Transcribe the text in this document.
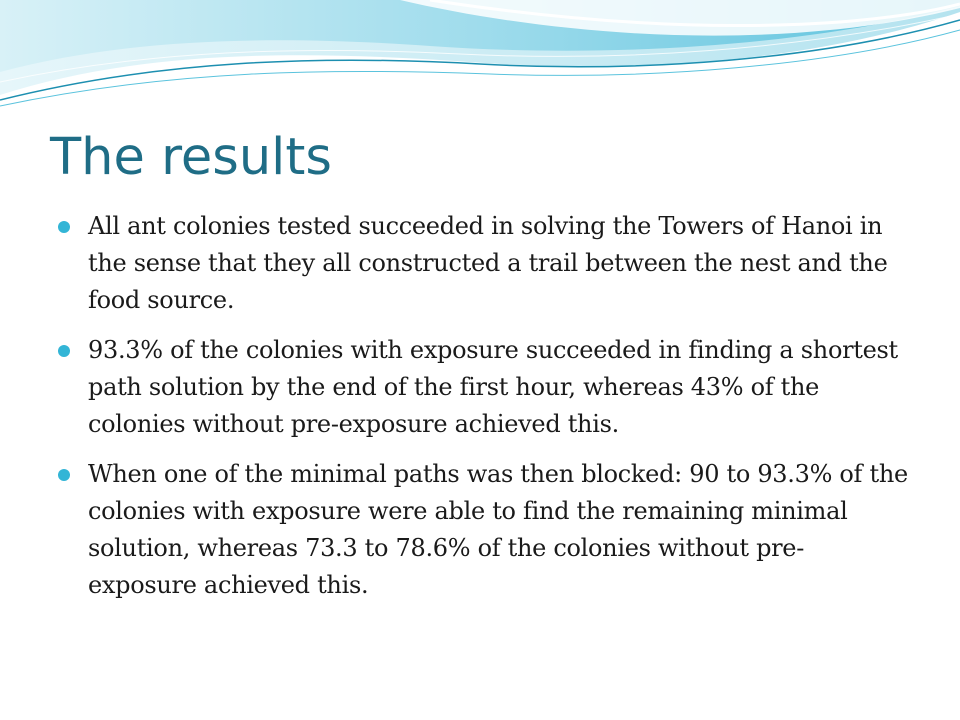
The results
All ant colonies tested succeeded in solving the Towers of Hanoi in the sense that they all constructed a trail between the nest and the food source.
93.3% of the colonies with exposure succeeded in finding a shortest path solution by the end of the first hour, whereas 43% of the colonies without pre-exposure achieved this.
When one of the minimal paths was then blocked: 90 to 93.3% of the colonies with exposure were able to find the remaining minimal solution, whereas 73.3 to 78.6% of the colonies without pre-exposure achieved this.
